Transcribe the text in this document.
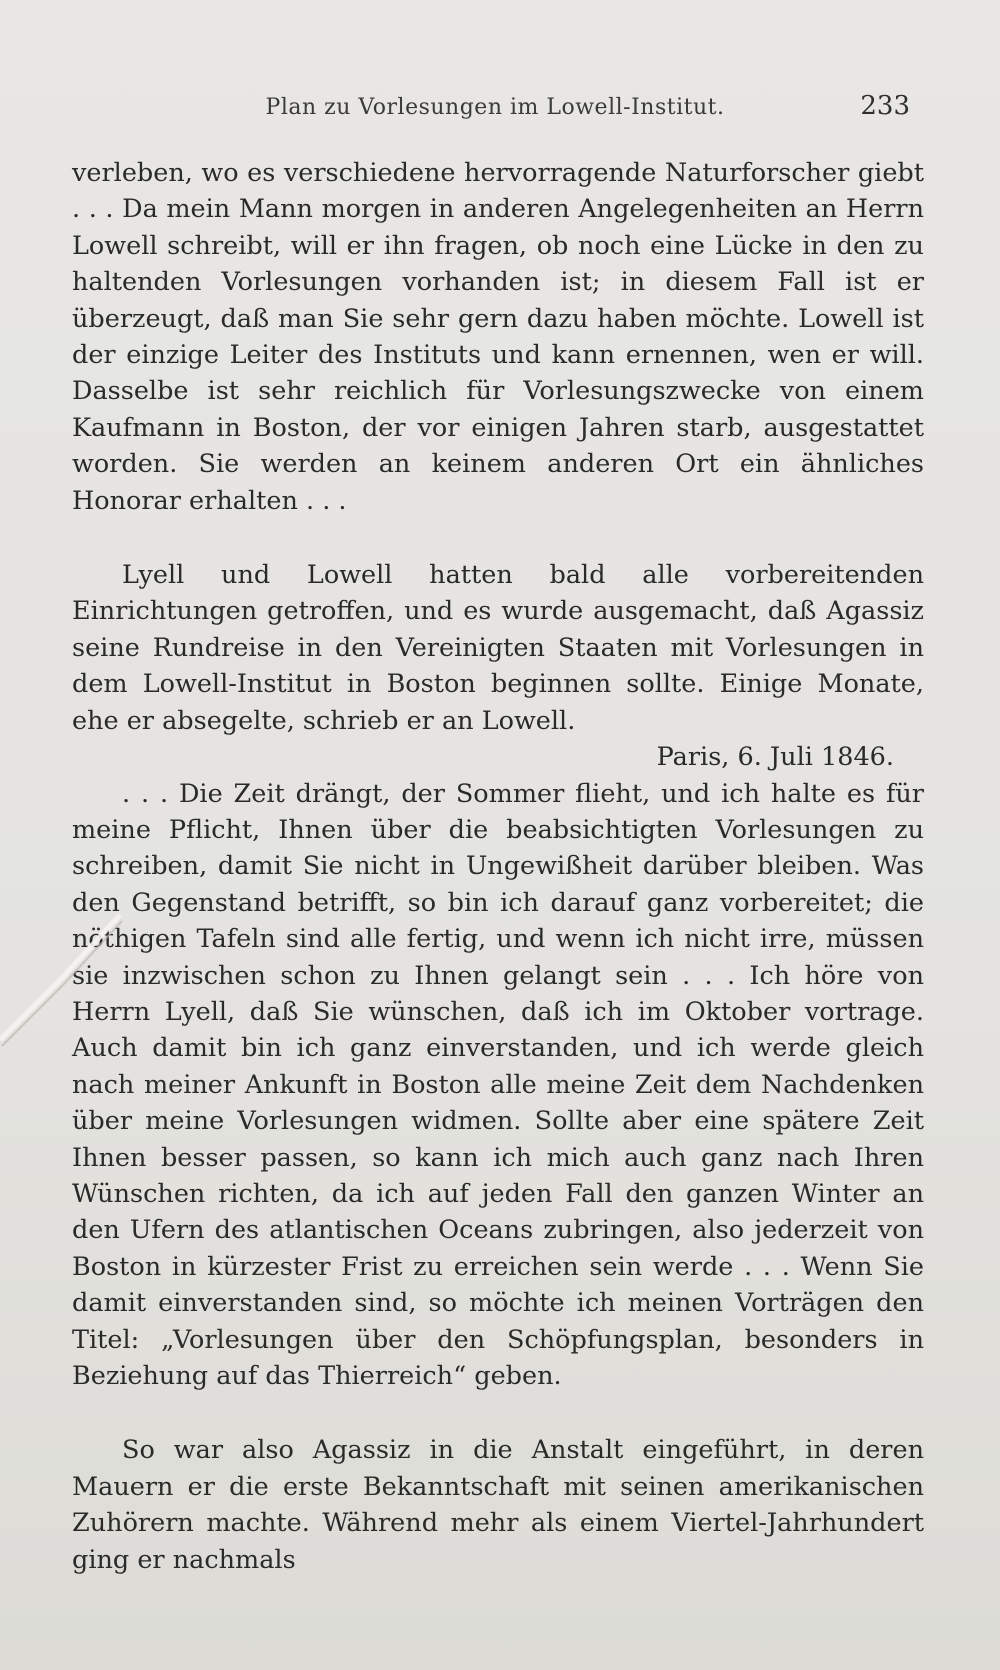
Plan zu Vorlesungen im Lowell-Institut.	233

verleben, wo es verschiedene hervorragende Naturforscher giebt . . . Da mein Mann morgen in anderen Angelegenheiten an Herrn Lowell schreibt, will er ihn fragen, ob noch eine Lücke in den zu haltenden Vorlesungen vorhanden ist; in diesem Fall ist er überzeugt, daß man Sie sehr gern dazu haben möchte. Lowell ist der einzige Leiter des Instituts und kann ernennen, wen er will. Dasselbe ist sehr reichlich für Vorlesungszwecke von einem Kaufmann in Boston, der vor einigen Jahren starb, ausgestattet worden. Sie werden an keinem anderen Ort ein ähnliches Honorar erhalten . . .

Lyell und Lowell hatten bald alle vorbereitenden Einrichtungen getroffen, und es wurde ausgemacht, daß Agassiz seine Rundreise in den Vereinigten Staaten mit Vorlesungen in dem Lowell-Institut in Boston beginnen sollte. Einige Monate, ehe er absegelte, schrieb er an Lowell.

Paris, 6. Juli 1846.

. . . Die Zeit drängt, der Sommer flieht, und ich halte es für meine Pflicht, Ihnen über die beabsichtigten Vorlesungen zu schreiben, damit Sie nicht in Ungewißheit darüber bleiben. Was den Gegenstand betrifft, so bin ich darauf ganz vorbereitet; die nöthigen Tafeln sind alle fertig, und wenn ich nicht irre, müssen sie inzwischen schon zu Ihnen gelangt sein . . . Ich höre von Herrn Lyell, daß Sie wünschen, daß ich im Oktober vortrage. Auch damit bin ich ganz einverstanden, und ich werde gleich nach meiner Ankunft in Boston alle meine Zeit dem Nachdenken über meine Vorlesungen widmen. Sollte aber eine spätere Zeit Ihnen besser passen, so kann ich mich auch ganz nach Ihren Wünschen richten, da ich auf jeden Fall den ganzen Winter an den Ufern des atlantischen Oceans zubringen, also jederzeit von Boston in kürzester Frist zu erreichen sein werde . . . Wenn Sie damit einverstanden sind, so möchte ich meinen Vorträgen den Titel: „Vorlesungen über den Schöpfungsplan, besonders in Beziehung auf das Thierreich“ geben.

So war also Agassiz in die Anstalt eingeführt, in deren Mauern er die erste Bekanntschaft mit seinen amerikanischen Zuhörern machte. Während mehr als einem Viertel-Jahrhundert ging er nachmals
